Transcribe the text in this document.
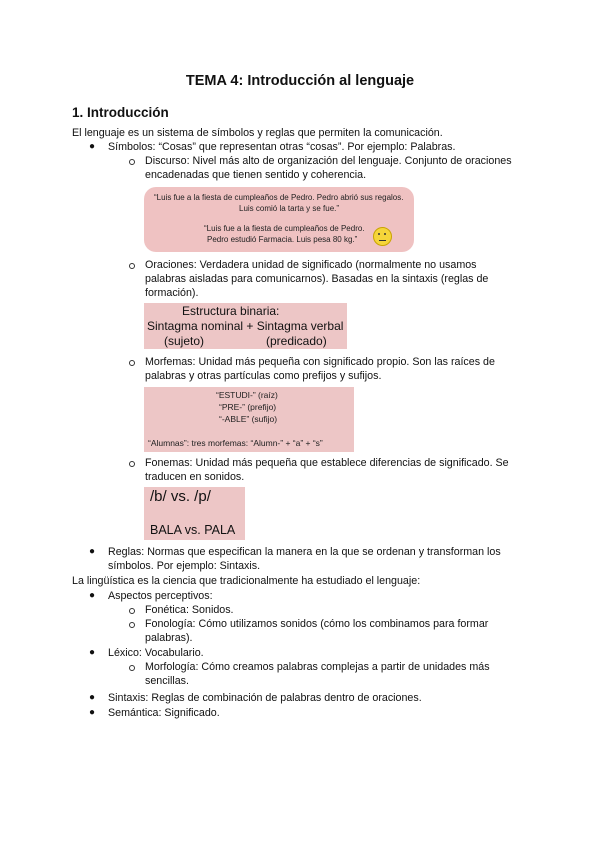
TEMA 4: Introducción al lenguaje
1. Introducción
El lenguaje es un sistema de símbolos y reglas que permiten la comunicación.
● Símbolos: “Cosas” que representan otras “cosas”. Por ejemplo: Palabras.
Discurso: Nivel más alto de organización del lenguaje. Conjunto de oraciones
encadenadas que tienen sentido y coherencia.
“Luis fue a la fiesta de cumpleaños de Pedro. Pedro abrió sus regalos.
Luis comió la tarta y se fue.”
“Luis fue a la fiesta de cumpleaños de Pedro.
Pedro estudió Farmacia. Luis pesa 80 kg.”
Oraciones: Verdadera unidad de significado (normalmente no usamos
palabras aisladas para comunicarnos). Basadas en la sintaxis (reglas de
formación).
Estructura binaria:
Sintagma nominal + Sintagma verbal
(sujeto)	(predicado)
Morfemas: Unidad más pequeña con significado propio. Son las raíces de
palabras y otras partículas como prefijos y sufijos.
“ESTUDI-” (raíz)
“PRE-” (prefijo)
“-ABLE” (sufijo)
“Alumnas”: tres morfemas: “Alumn-” + “a” + “s”
Fonemas: Unidad más pequeña que establece diferencias de significado. Se
traducen en sonidos.
/b/ vs. /p/
BALA vs. PALA
● Reglas: Normas que especifican la manera en la que se ordenan y transforman los
símbolos. Por ejemplo: Sintaxis.
La lingüística es la ciencia que tradicionalmente ha estudiado el lenguaje:
● Aspectos perceptivos:
Fonética: Sonidos.
Fonología: Cómo utilizamos sonidos (cómo los combinamos para formar
palabras).
● Léxico: Vocabulario.
Morfología: Cómo creamos palabras complejas a partir de unidades más
sencillas.
● Sintaxis: Reglas de combinación de palabras dentro de oraciones.
● Semántica: Significado.
